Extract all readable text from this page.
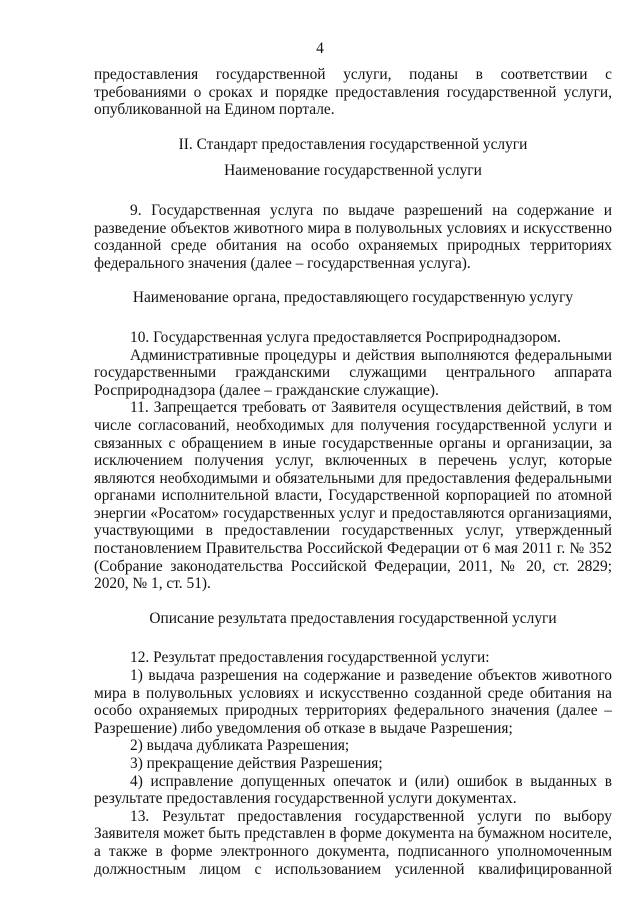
4

предоставления государственной услуги, поданы в соответствии с требованиями о сроках и порядке предоставления государственной услуги, опубликованной на Едином портале.

II. Стандарт предоставления государственной услуги

Наименование государственной услуги

9. Государственная услуга по выдаче разрешений на содержание и разведение объектов животного мира в полувольных условиях и искусственно созданной среде обитания на особо охраняемых природных территориях федерального значения (далее – государственная услуга).

Наименование органа, предоставляющего государственную услугу

10. Государственная услуга предоставляется Росприроднадзором.

Административные процедуры и действия выполняются федеральными государственными гражданскими служащими центрального аппарата Росприроднадзора (далее – гражданские служащие).

11. Запрещается требовать от Заявителя осуществления действий, в том числе согласований, необходимых для получения государственной услуги и связанных с обращением в иные государственные органы и организации, за исключением получения услуг, включенных в перечень услуг, которые являются необходимыми и обязательными для предоставления федеральными органами исполнительной власти, Государственной корпорацией по атомной энергии «Росатом» государственных услуг и предоставляются организациями, участвующими в предоставлении государственных услуг, утвержденный постановлением Правительства Российской Федерации от 6 мая 2011 г. № 352 (Собрание законодательства Российской Федерации, 2011, № 20, ст. 2829; 2020, № 1, ст. 51).

Описание результата предоставления государственной услуги

12. Результат предоставления государственной услуги:

1) выдача разрешения на содержание и разведение объектов животного мира в полувольных условиях и искусственно созданной среде обитания на особо охраняемых природных территориях федерального значения (далее – Разрешение) либо уведомления об отказе в выдаче Разрешения;

2) выдача дубликата Разрешения;

3) прекращение действия Разрешения;

4) исправление допущенных опечаток и (или) ошибок в выданных в результате предоставления государственной услуги документах.

13. Результат предоставления государственной услуги по выбору Заявителя может быть представлен в форме документа на бумажном носителе, а также в форме электронного документа, подписанного уполномоченным должностным лицом с использованием усиленной квалифицированной
